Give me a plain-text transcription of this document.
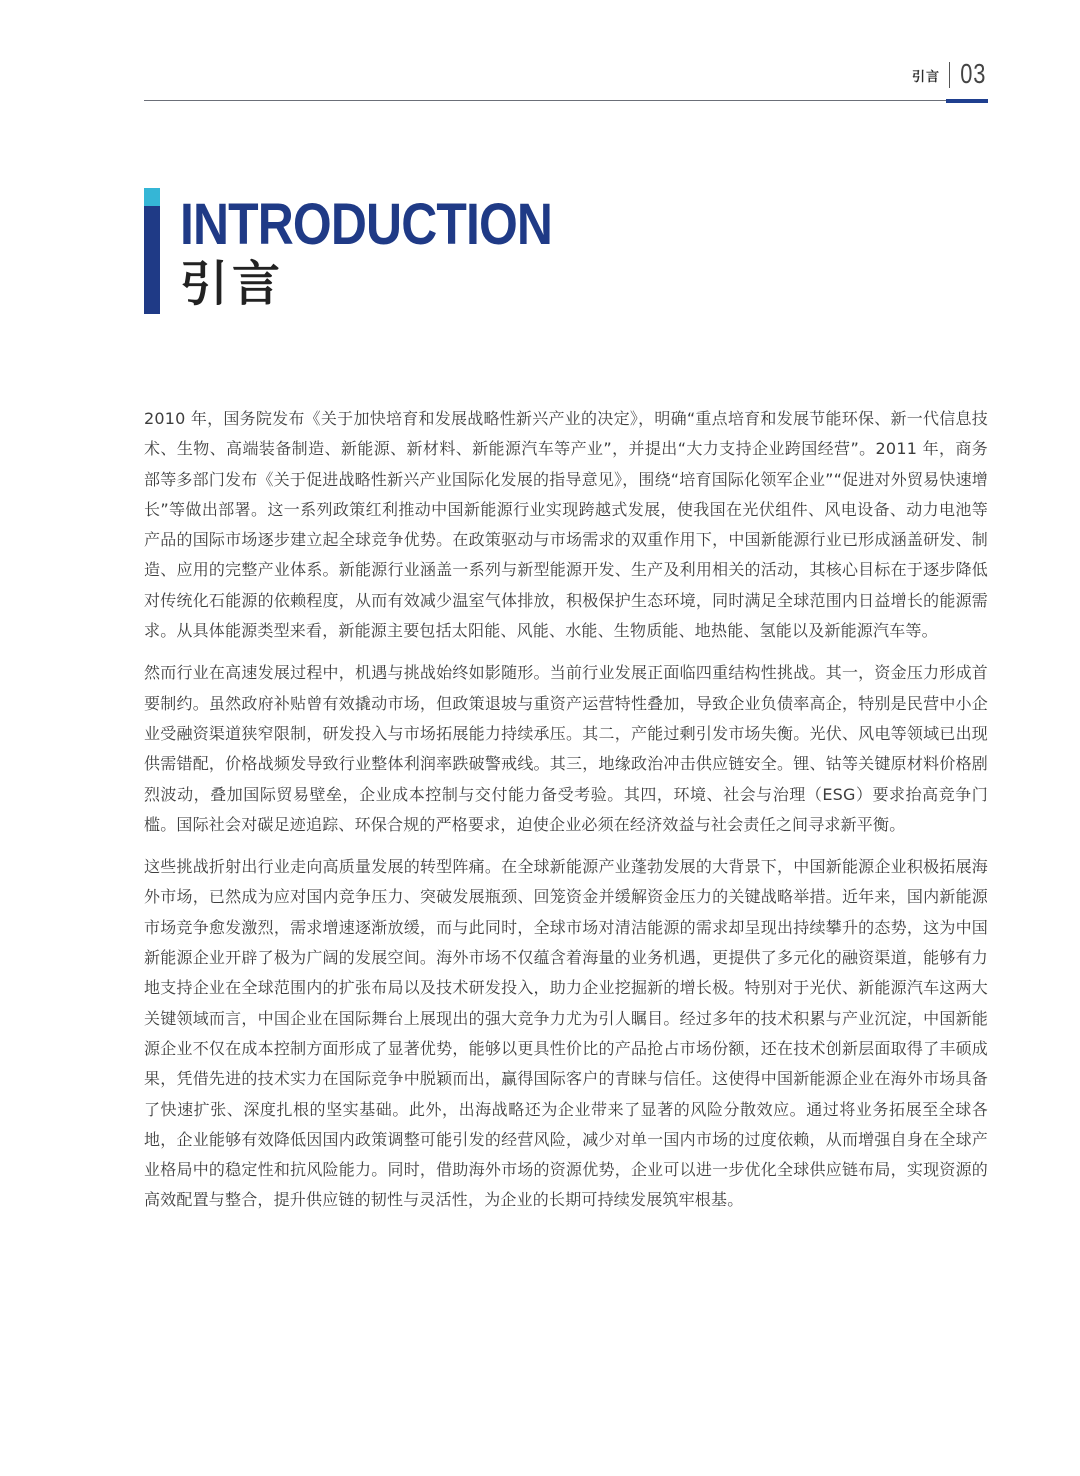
引言 03
INTRODUCTION
引言

2010 年，国务院发布《关于加快培育和发展战略性新兴产业的决定》，明确“重点培育和发展节能环保、新一代信息技术、生物、高端装备制造、新能源、新材料、新能源汽车等产业”，并提出“大力支持企业跨国经营”。2011 年，商务部等多部门发布《关于促进战略性新兴产业国际化发展的指导意见》，围绕“培育国际化领军企业”“促进对外贸易快速增长”等做出部署。这一系列政策红利推动中国新能源行业实现跨越式发展，使我国在光伏组件、风电设备、动力电池等产品的国际市场逐步建立起全球竞争优势。在政策驱动与市场需求的双重作用下，中国新能源行业已形成涵盖研发、制造、应用的完整产业体系。新能源行业涵盖一系列与新型能源开发、生产及利用相关的活动，其核心目标在于逐步降低对传统化石能源的依赖程度，从而有效减少温室气体排放，积极保护生态环境，同时满足全球范围内日益增长的能源需求。从具体能源类型来看，新能源主要包括太阳能、风能、水能、生物质能、地热能、氢能以及新能源汽车等。

然而行业在高速发展过程中，机遇与挑战始终如影随形。当前行业发展正面临四重结构性挑战。其一，资金压力形成首要制约。虽然政府补贴曾有效撬动市场，但政策退坡与重资产运营特性叠加，导致企业负债率高企，特别是民营中小企业受融资渠道狭窄限制，研发投入与市场拓展能力持续承压。其二，产能过剩引发市场失衡。光伏、风电等领域已出现供需错配，价格战频发导致行业整体利润率跌破警戒线。其三，地缘政治冲击供应链安全。锂、钴等关键原材料价格剧烈波动，叠加国际贸易壁垒，企业成本控制与交付能力备受考验。其四，环境、社会与治理（ESG）要求抬高竞争门槛。国际社会对碳足迹追踪、环保合规的严格要求，迫使企业必须在经济效益与社会责任之间寻求新平衡。

这些挑战折射出行业走向高质量发展的转型阵痛。在全球新能源产业蓬勃发展的大背景下，中国新能源企业积极拓展海外市场，已然成为应对国内竞争压力、突破发展瓶颈、回笼资金并缓解资金压力的关键战略举措。近年来，国内新能源市场竞争愈发激烈，需求增速逐渐放缓，而与此同时，全球市场对清洁能源的需求却呈现出持续攀升的态势，这为中国新能源企业开辟了极为广阔的发展空间。海外市场不仅蕴含着海量的业务机遇，更提供了多元化的融资渠道，能够有力地支持企业在全球范围内的扩张布局以及技术研发投入，助力企业挖掘新的增长极。特别对于光伏、新能源汽车这两大关键领域而言，中国企业在国际舞台上展现出的强大竞争力尤为引人瞩目。经过多年的技术积累与产业沉淀，中国新能源企业不仅在成本控制方面形成了显著优势，能够以更具性价比的产品抢占市场份额，还在技术创新层面取得了丰硕成果，凭借先进的技术实力在国际竞争中脱颖而出，赢得国际客户的青睐与信任。这使得中国新能源企业在海外市场具备了快速扩张、深度扎根的坚实基础。此外，出海战略还为企业带来了显著的风险分散效应。通过将业务拓展至全球各地，企业能够有效降低因国内政策调整可能引发的经营风险，减少对单一国内市场的过度依赖，从而增强自身在全球产业格局中的稳定性和抗风险能力。同时，借助海外市场的资源优势，企业可以进一步优化全球供应链布局，实现资源的高效配置与整合，提升供应链的韧性与灵活性，为企业的长期可持续发展筑牢根基。
